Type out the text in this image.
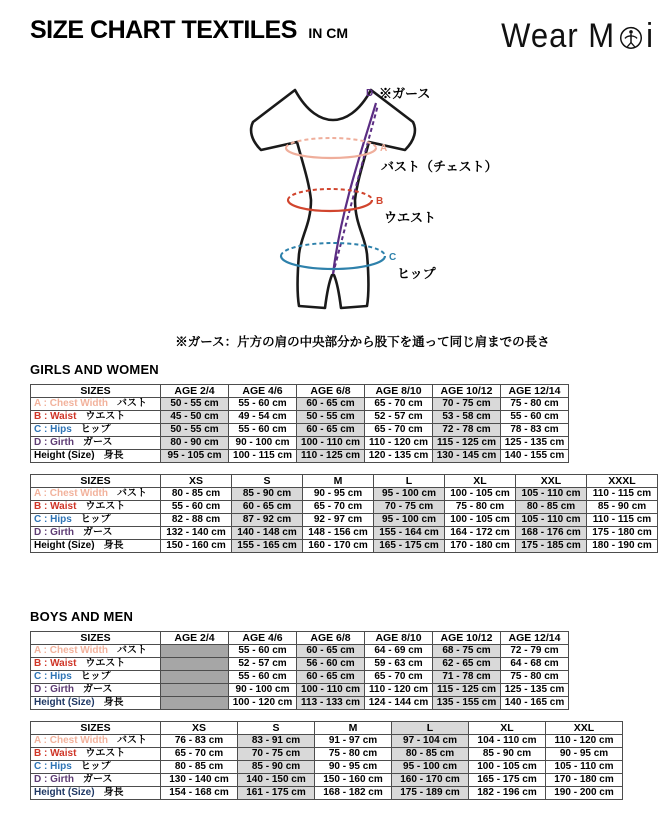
SIZE CHART TEXTILES IN CM	Wear M i
D
A
B
C
※ガース
バスト（チェスト）
ウエスト
ヒップ
※ガース：片方の肩の中央部分から股下を通って同じ肩までの長さ
GIRLS AND WOMEN
SIZES	AGE 2/4	AGE 4/6	AGE 6/8	AGE 8/10	AGE 10/12	AGE 12/14
A : Chest Width バスト	50 - 55 cm	55 - 60 cm	60 - 65 cm	65 - 70 cm	70 - 75 cm	75 - 80 cm
B : Waist ウエスト	45 - 50 cm	49 - 54 cm	50 - 55 cm	52 - 57 cm	53 - 58 cm	55 - 60 cm
C : Hips ヒップ	50 - 55 cm	55 - 60 cm	60 - 65 cm	65 - 70 cm	72 - 78 cm	78 - 83 cm
D : Girth ガース	80 - 90 cm	90 - 100 cm	100 - 110 cm	110 - 120 cm	115 - 125 cm	125 - 135 cm
Height (Size) 身長	95 - 105 cm	100 - 115 cm	110 - 125 cm	120 - 135 cm	130 - 145 cm	140 - 155 cm
SIZES	XS	S	M	L	XL	XXL	XXXL
A : Chest Width バスト	80 - 85 cm	85 - 90 cm	90 - 95 cm	95 - 100 cm	100 - 105 cm	105 - 110 cm	110 - 115 cm
B : Waist ウエスト	55 - 60 cm	60 - 65 cm	65 - 70 cm	70 - 75 cm	75 - 80 cm	80 - 85 cm	85 - 90 cm
C : Hips ヒップ	82 - 88 cm	87 - 92 cm	92 - 97 cm	95 - 100 cm	100 - 105 cm	105 - 110 cm	110 - 115 cm
D : Girth ガース	132 - 140 cm	140 - 148 cm	148 - 156 cm	155 - 164 cm	164 - 172 cm	168 - 176 cm	175 - 180 cm
Height (Size) 身長	150 - 160 cm	155 - 165 cm	160 - 170 cm	165 - 175 cm	170 - 180 cm	175 - 185 cm	180 - 190 cm
BOYS AND MEN
SIZES	AGE 2/4	AGE 4/6	AGE 6/8	AGE 8/10	AGE 10/12	AGE 12/14
A : Chest Width バスト		55 - 60 cm	60 - 65 cm	64 - 69 cm	68 - 75 cm	72 - 79 cm
B : Waist ウエスト		52 - 57 cm	56 - 60 cm	59 - 63 cm	62 - 65 cm	64 - 68 cm
C : Hips ヒップ		55 - 60 cm	60 - 65 cm	65 - 70 cm	71 - 78 cm	75 - 80 cm
D : Girth ガース		90 - 100 cm	100 - 110 cm	110 - 120 cm	115 - 125 cm	125 - 135 cm
Height (Size) 身長		100 - 120 cm	113 - 133 cm	124 - 144 cm	135 - 155 cm	140 - 165 cm
SIZES	XS	S	M	L	XL	XXL
A : Chest Width バスト	76 - 83 cm	83 - 91 cm	91 - 97 cm	97 - 104 cm	104 - 110 cm	110 - 120 cm
B : Waist ウエスト	65 - 70 cm	70 - 75 cm	75 - 80 cm	80 - 85 cm	85 - 90 cm	90 - 95 cm
C : Hips ヒップ	80 - 85 cm	85 - 90 cm	90 - 95 cm	95 - 100 cm	100 - 105 cm	105 - 110 cm
D : Girth ガース	130 - 140 cm	140 - 150 cm	150 - 160 cm	160 - 170 cm	165 - 175 cm	170 - 180 cm
Height (Size) 身長	154 - 168 cm	161 - 175 cm	168 - 182 cm	175 - 189 cm	182 - 196 cm	190 - 200 cm
